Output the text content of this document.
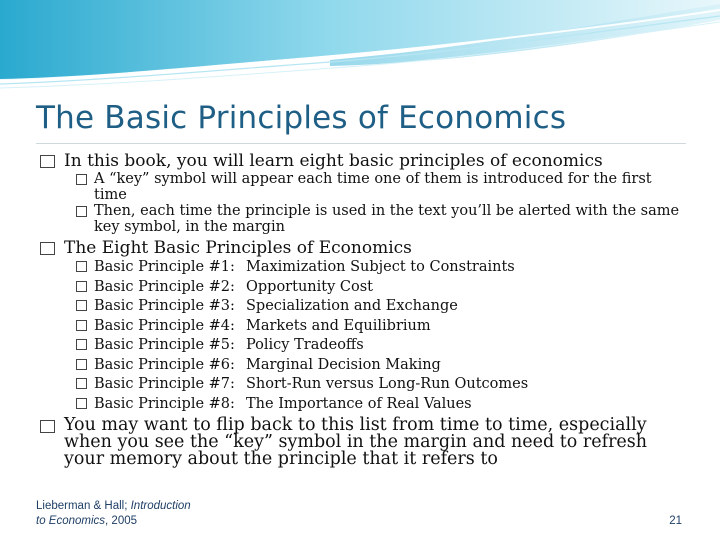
The Basic Principles of Economics

In this book, you will learn eight basic principles of economics

A “key” symbol will appear each time one of them is introduced for the first time

Then, each time the principle is used in the text you’ll be alerted with the same key symbol, in the margin

The Eight Basic Principles of Economics

Basic Principle #1: Maximization Subject to Constraints

Basic Principle #2: Opportunity Cost

Basic Principle #3: Specialization and Exchange

Basic Principle #4: Markets and Equilibrium

Basic Principle #5: Policy Tradeoffs

Basic Principle #6: Marginal Decision Making

Basic Principle #7: Short-Run versus Long-Run Outcomes

Basic Principle #8: The Importance of Real Values

You may want to flip back to this list from time to time, especially when you see the “key” symbol in the margin and need to refresh your memory about the principle that it refers to

Lieberman & Hall; Introduction
to Economics, 2005	21
